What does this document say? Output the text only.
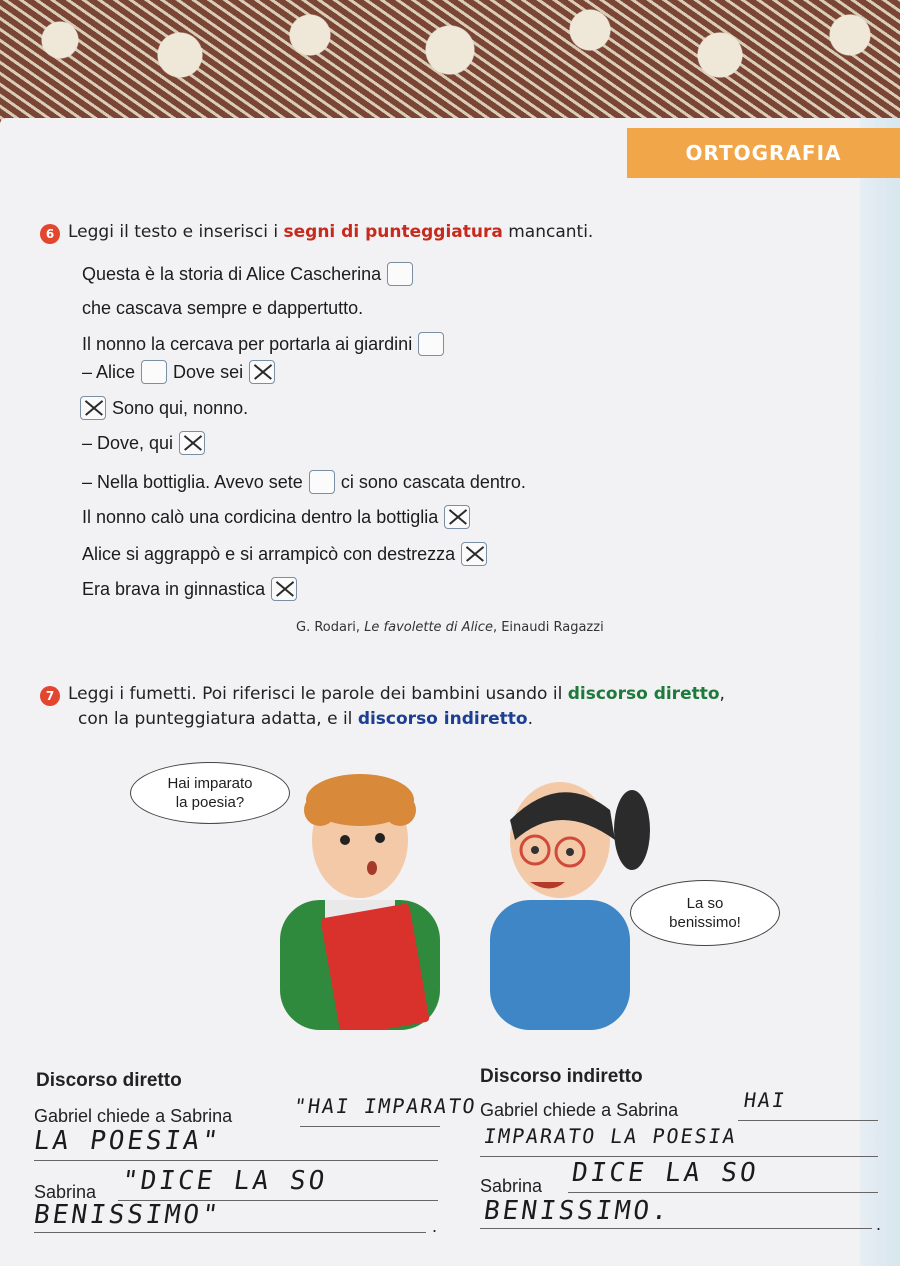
ORTOGRAFIA
6 Leggi il testo e inserisci i segni di punteggiatura mancanti.
Questa è la storia di Alice Cascherina
che cascava sempre e dappertutto.
Il nonno la cercava per portarla ai giardini
– Alice Dove sei
Sono qui, nonno.
– Dove, qui
– Nella bottiglia. Avevo sete ci sono cascata dentro.
Il nonno calò una cordicina dentro la bottiglia
Alice si aggrappò e si arrampicò con destrezza
Era brava in ginnastica
G. Rodari, Le favolette di Alice, Einaudi Ragazzi
7 Leggi i fumetti. Poi riferisci le parole dei bambini usando il discorso diretto,
con la punteggiatura adatta, e il discorso indiretto.
Hai imparato
la poesia?
La so
benissimo!
Discorso diretto	Discorso indiretto
Gabriel chiede a Sabrina	"HAI IMPARATO
LA POESIA"
Sabrina "DICE LA SO
BENISSIMO"	.
Gabriel chiede a Sabrina	HAI
IMPARATO LA POESIA
Sabrina DICE LA SO
BENISSIMO.	.
